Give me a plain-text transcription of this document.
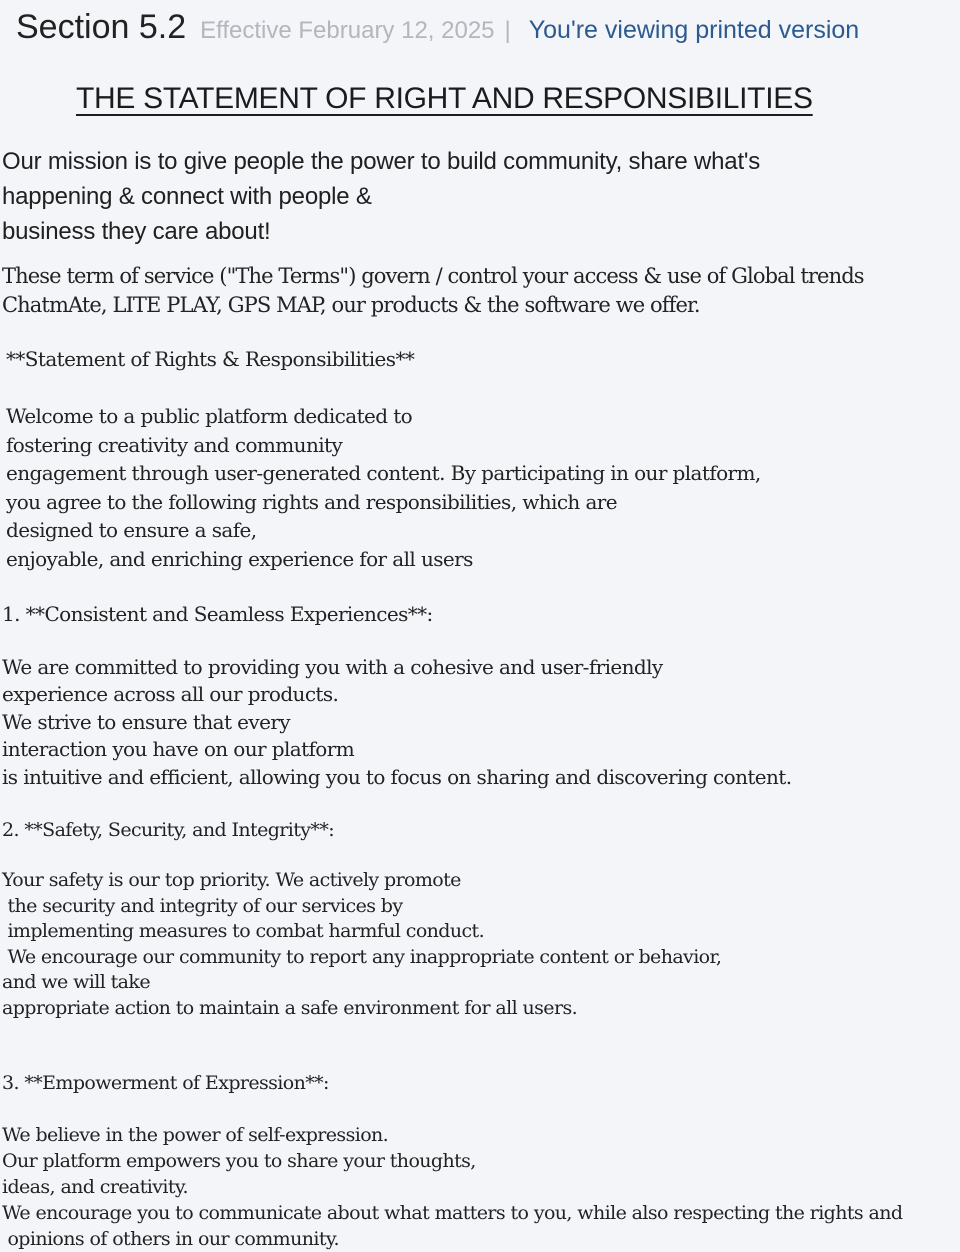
Section 5.2 Effective February 12, 2025 | You're viewing printed version
THE STATEMENT OF RIGHT AND RESPONSIBILITIES

Our mission is to give people the power to build community, share what's
happening & connect with people &
business they care about!

These term of service ("The Terms") govern / control your access & use of Global trends
ChatmAte, LITE PLAY, GPS MAP, our products & the software we offer.

**Statement of Rights & Responsibilities**

Welcome to a public platform dedicated to
fostering creativity and community
engagement through user-generated content. By participating in our platform,
you agree to the following rights and responsibilities, which are
designed to ensure a safe,
enjoyable, and enriching experience for all users

1. **Consistent and Seamless Experiences**:

We are committed to providing you with a cohesive and user-friendly
experience across all our products.
We strive to ensure that every
interaction you have on our platform
is intuitive and efficient, allowing you to focus on sharing and discovering content.

2. **Safety, Security, and Integrity**:

Your safety is our top priority. We actively promote
the security and integrity of our services by
implementing measures to combat harmful conduct.
We encourage our community to report any inappropriate content or behavior,
and we will take
appropriate action to maintain a safe environment for all users.

3. **Empowerment of Expression**:

We believe in the power of self-expression.
Our platform empowers you to share your thoughts,
ideas, and creativity.
We encourage you to communicate about what matters to you, while also respecting the rights and
opinions of others in our community.
